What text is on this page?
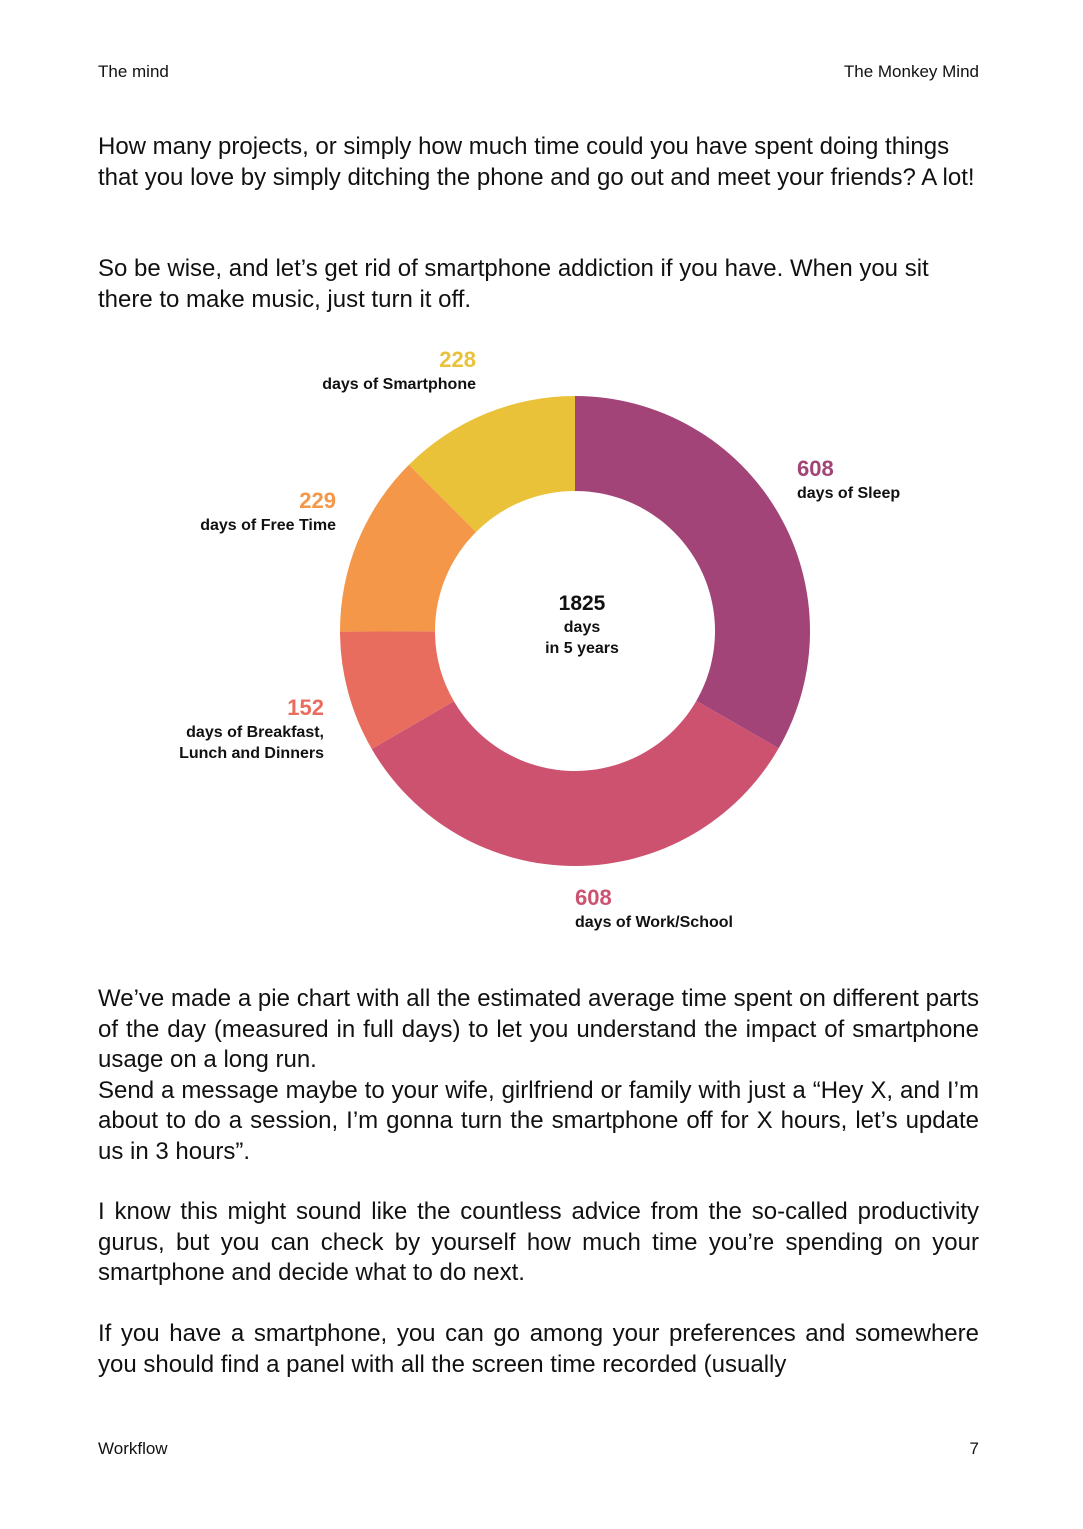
The mind	The Monkey Mind

How many projects, or simply how much time could you have spent doing things that you love by simply ditching the phone and go out and meet your friends? A lot!

So be wise, and let’s get rid of smartphone addiction if you have. When you sit there to make music, just turn it off.

608
days of Sleep
608
days of Work/School
152
days of Breakfast,
Lunch and Dinners
229
days of Free Time
228
days of Smartphone
1825
days
in 5 years
We’ve made a pie chart with all the estimated average time spent on different parts of the day (measured in full days) to let you understand the impact of smartphone usage on a long run.
Send a message maybe to your wife, girlfriend or family with just a “Hey X, and I’m about to do a session, I’m gonna turn the smartphone off for X hours, let’s update us in 3 hours”.

I know this might sound like the countless advice from the so-called productivity gurus, but you can check by yourself how much time you’re spending on your smartphone and decide what to do next.

If you have a smartphone, you can go among your preferences and somewhere you should find a panel with all the screen time recorded (usually

Workflow	7
